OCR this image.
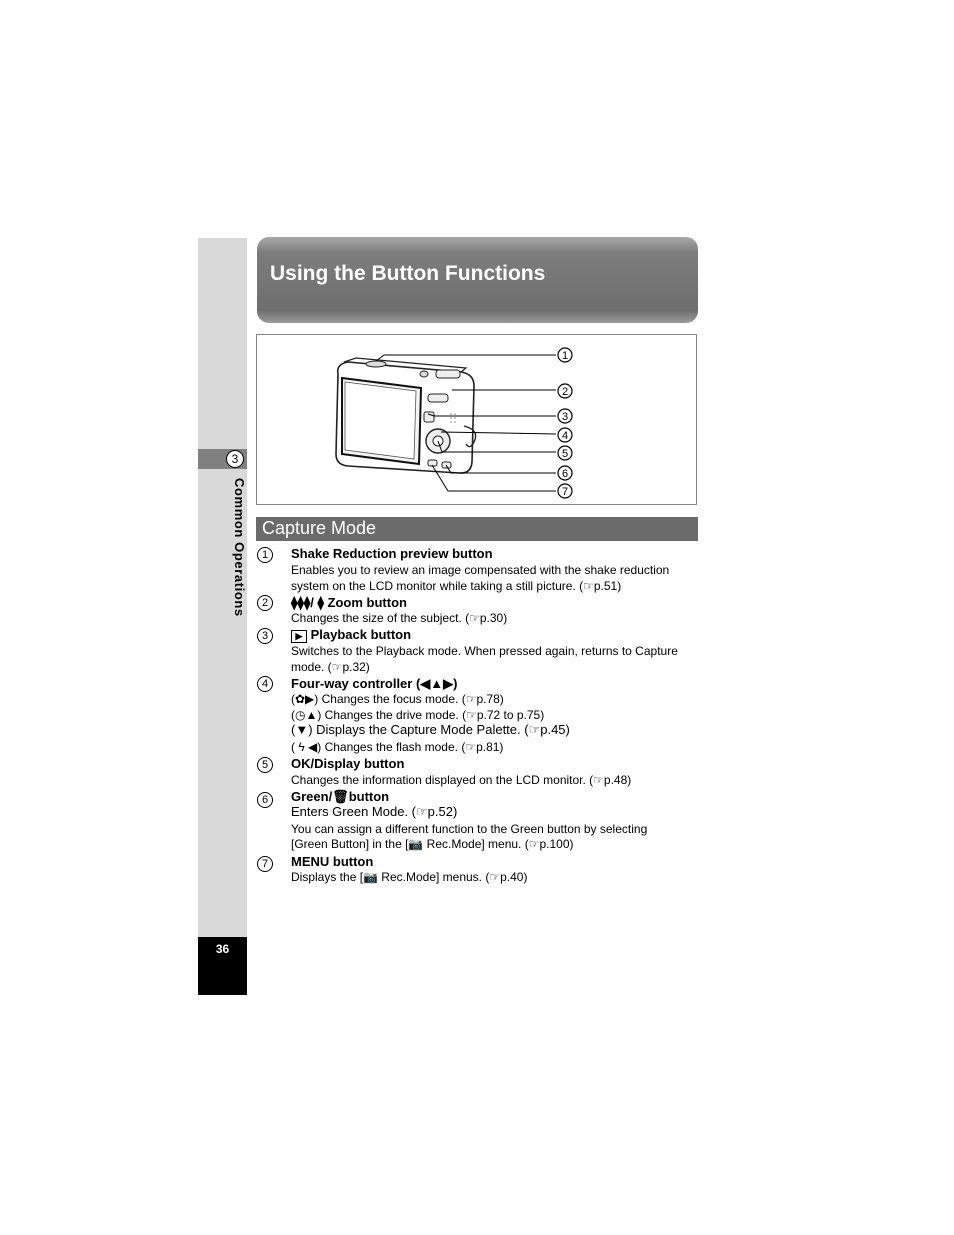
3
Common Operations
36
Using the Button Functions
1
2
3
4
5
6
7
Capture Mode
1	Shake Reduction preview button
Enables you to review an image compensated with the shake reduction
system on the LCD monitor while taking a still picture. (☞p.51)
2	⧫⧫⧫/ ⧫ Zoom button
Changes the size of the subject. (☞p.30)
3	▶ Playback button
Switches to the Playback mode. When pressed again, returns to Capture
mode. (☞p.32)
4	Four-way controller (◀▲▶)
(✿▶) Changes the focus mode. (☞p.78)
(◷▲) Changes the drive mode. (☞p.72 to p.75)
(▼) Displays the Capture Mode Palette. (☞p.45)
( ϟ ◀) Changes the flash mode. (☞p.81)
5	OK/Display button
Changes the information displayed on the LCD monitor. (☞p.48)
6	Green/🗑button
Enters Green Mode. (☞p.52)
You can assign a different function to the Green button by selecting
[Green Button] in the [📷 Rec.Mode] menu. (☞p.100)
7	MENU button
Displays the [📷 Rec.Mode] menus. (☞p.40)
